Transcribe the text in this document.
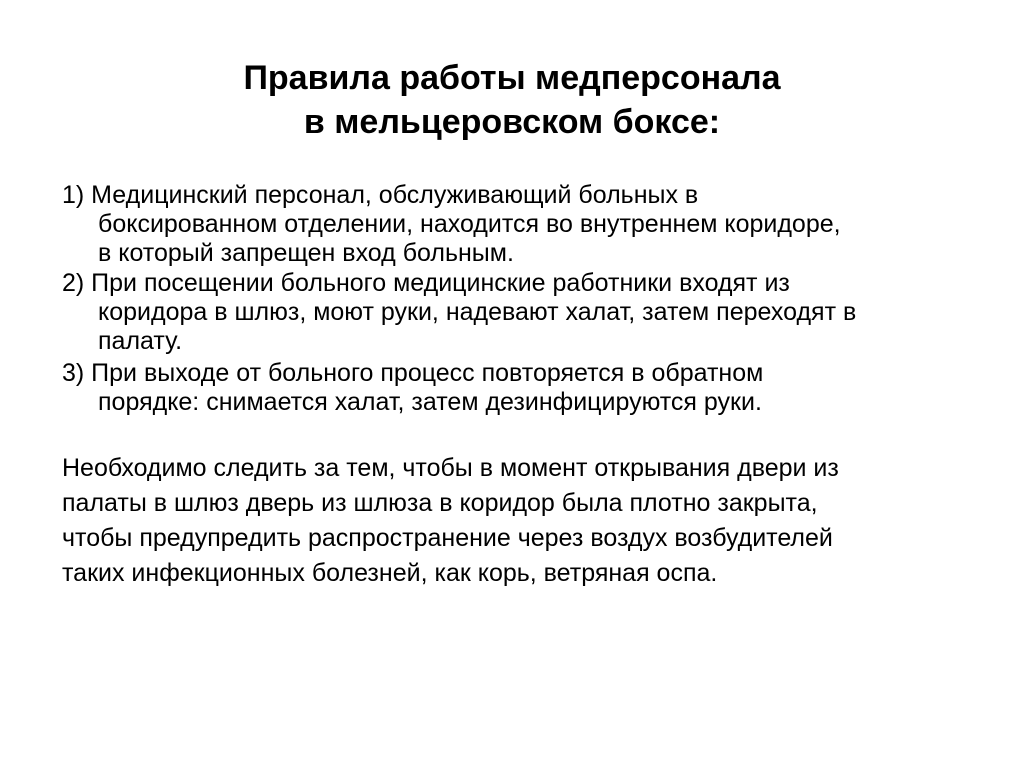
Правила работы медперсонала
в мельцеровском боксе:
1) Медицинский персонал, обслуживающий больных в
боксированном отделении, находится во внутреннем коридоре,
в который запрещен вход больным.
2) При посещении больного медицинские работники входят из
коридора в шлюз, моют руки, надевают халат, затем переходят в
палату.
3) При выходе от больного процесс повторяется в обратном
порядке: снимается халат, затем дезинфицируются руки.
Необходимо следить за тем, чтобы в момент открывания двери из
палаты в шлюз дверь из шлюза в коридор была плотно закрыта,
чтобы предупредить распространение через воздух возбудителей
таких инфекционных болезней, как корь, ветряная оспа.
